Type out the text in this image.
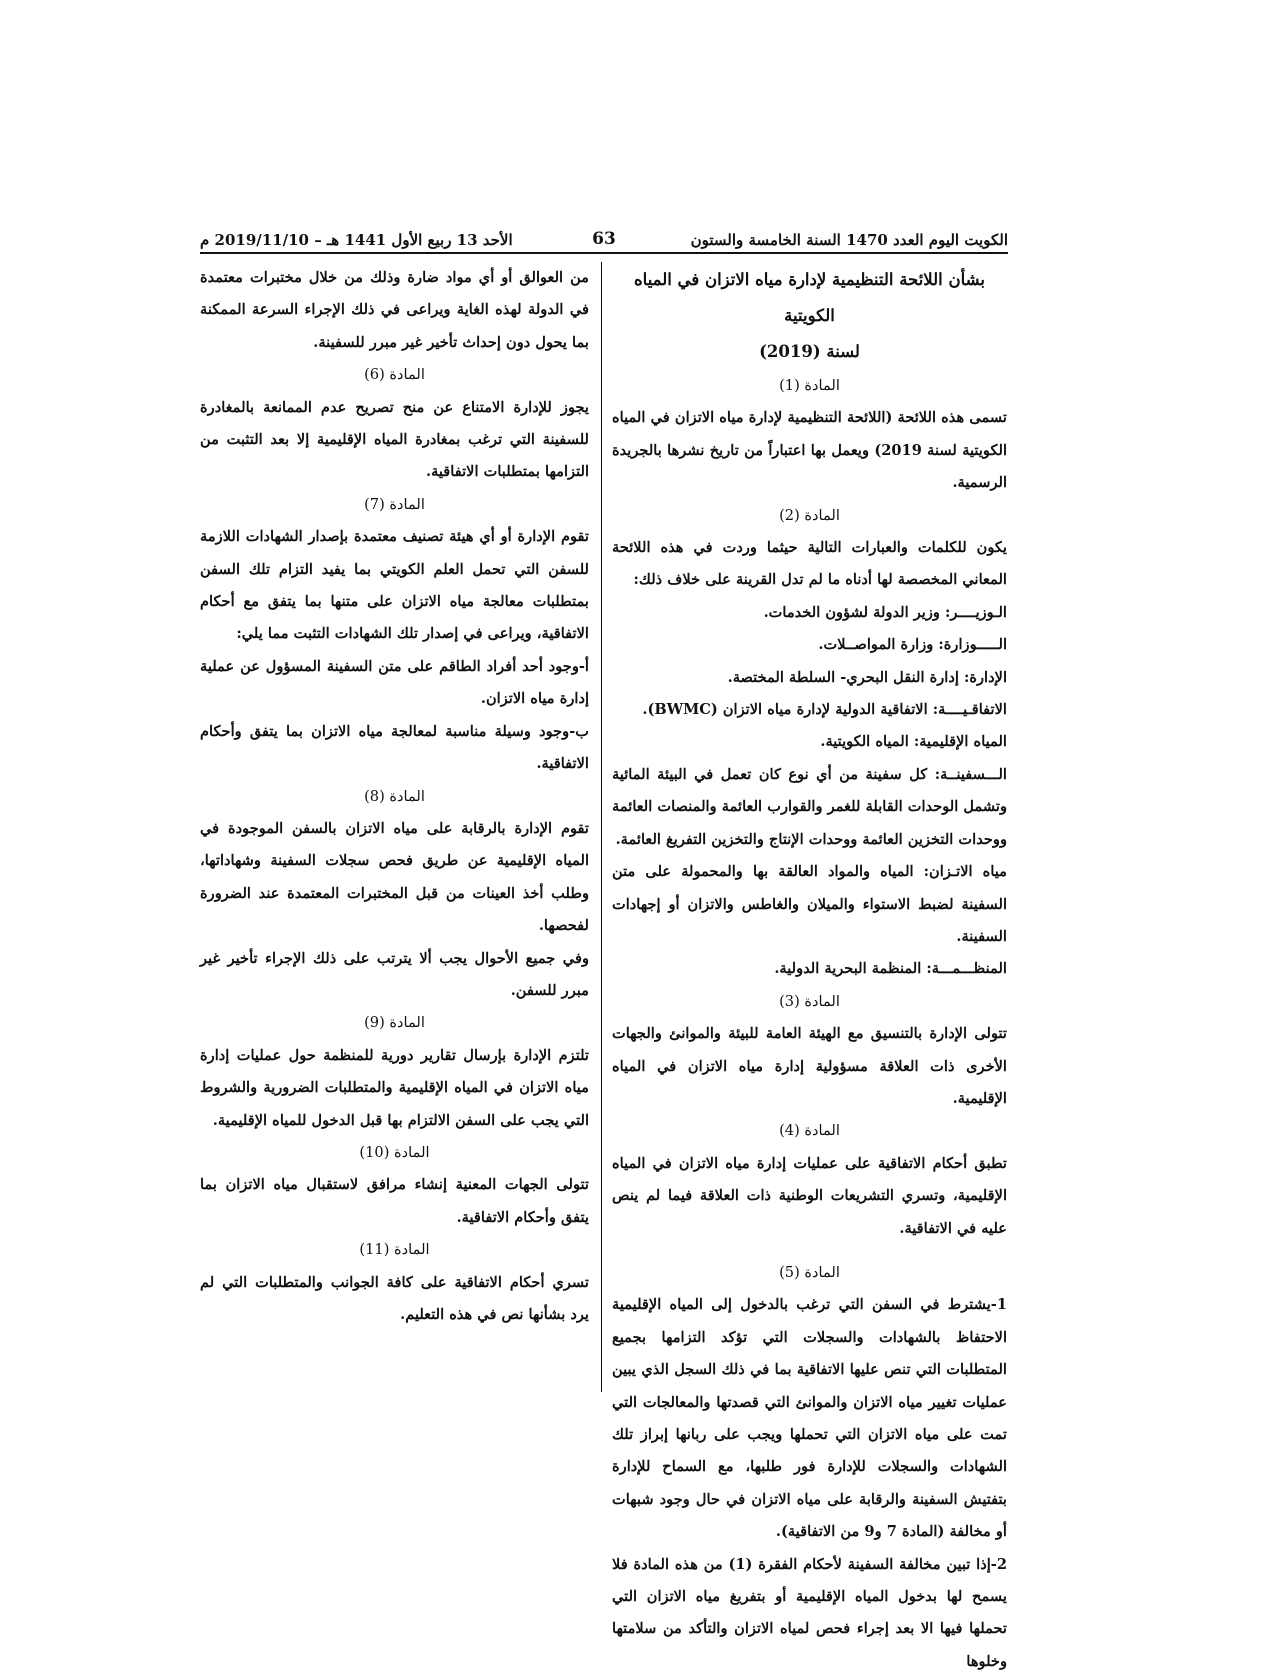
الكويت اليوم العدد 1470 السنة الخامسة والستون
63
الأحد 13 ربيع الأول 1441 هـ – 2019/11/10 م

بشأن اللائحة التنظيمية لإدارة مياه الاتزان في المياه الكويتية

لسنة (2019)

المادة (1)

تسمى هذه اللائحة (اللائحة التنظيمية لإدارة مياه الاتزان في المياه الكويتية لسنة 2019) ويعمل بها اعتباراً من تاريخ نشرها بالجريدة الرسمية.

المادة (2)

يكون للكلمات والعبارات التالية حيثما وردت في هذه اللائحة المعاني المخصصة لها أدناه ما لم تدل القرينة على خلاف ذلك:

الـوزيــــر: وزير الدولة لشؤون الخدمات.

الـــــوزارة: وزارة المواصــلات.

الإدارة: إدارة النقل البحري- السلطة المختصة.

الاتفاقـيــــة: الاتفاقية الدولية لإدارة مياه الاتزان (BWMC).

المياه الإقليمية: المياه الكويتية.

الـــسفينــة: كل سفينة من أي نوع كان تعمل في البيئة المائية وتشمل الوحدات القابلة للغمر والقوارب العائمة والمنصات العائمة ووحدات التخزين العائمة ووحدات الإنتاج والتخزين التفريغ العائمة.

مياه الاتـزان: المياه والمواد العالقة بها والمحمولة على متن السفينة لضبط الاستواء والميلان والغاطس والاتزان أو إجهادات السفينة.

المنظـــمـــة: المنظمة البحرية الدولية.

المادة (3)

تتولى الإدارة بالتنسيق مع الهيئة العامة للبيئة والموانئ والجهات الأخرى ذات العلاقة مسؤولية إدارة مياه الاتزان في المياه الإقليمية.

المادة (4)

تطبق أحكام الاتفاقية على عمليات إدارة مياه الاتزان في المياه الإقليمية، وتسري التشريعات الوطنية ذات العلاقة فيما لم ينص عليه في الاتفاقية.

المادة (5)

1-يشترط في السفن التي ترغب بالدخول إلى المياه الإقليمية الاحتفاظ بالشهادات والسجلات التي تؤكد التزامها بجميع المتطلبات التي تنص عليها الاتفاقية بما في ذلك السجل الذي يبين عمليات تغيير مياه الاتزان والموانئ التي قصدتها والمعالجات التي تمت على مياه الاتزان التي تحملها ويجب على ربانها إبراز تلك الشهادات والسجلات للإدارة فور طلبها، مع السماح للإدارة بتفتيش السفينة والرقابة على مياه الاتزان في حال وجود شبهات أو مخالفة (المادة 7 و9 من الاتفاقية).

2-إذا تبين مخالفة السفينة لأحكام الفقرة (1) من هذه المادة فلا يسمح لها بدخول المياه الإقليمية أو بتفريغ مياه الاتزان التي تحملها فيها الا بعد إجراء فحص لمياه الاتزان والتأكد من سلامتها وخلوها

من العوالق أو أي مواد ضارة وذلك من خلال مختبرات معتمدة في الدولة لهذه الغاية ويراعى في ذلك الإجراء السرعة الممكنة بما يحول دون إحداث تأخير غير مبرر للسفينة.

المادة (6)

يجوز للإدارة الامتناع عن منح تصريح عدم الممانعة بالمغادرة للسفينة التي ترغب بمغادرة المياه الإقليمية إلا بعد التثبت من التزامها بمتطلبات الاتفاقية.

المادة (7)

تقوم الإدارة أو أي هيئة تصنيف معتمدة بإصدار الشهادات اللازمة للسفن التي تحمل العلم الكويتي بما يفيد التزام تلك السفن بمتطلبات معالجة مياه الاتزان على متنها بما يتفق مع أحكام الاتفاقية، ويراعى في إصدار تلك الشهادات التثبت مما يلي:

أ-وجود أحد أفراد الطاقم على متن السفينة المسؤول عن عملية إدارة مياه الاتزان.

ب-وجود وسيلة مناسبة لمعالجة مياه الاتزان بما يتفق وأحكام الاتفاقية.

المادة (8)

تقوم الإدارة بالرقابة على مياه الاتزان بالسفن الموجودة في المياه الإقليمية عن طريق فحص سجلات السفينة وشهاداتها، وطلب أخذ العينات من قبل المختبرات المعتمدة عند الضرورة لفحصها.

وفي جميع الأحوال يجب ألا يترتب على ذلك الإجراء تأخير غير مبرر للسفن.

المادة (9)

تلتزم الإدارة بإرسال تقارير دورية للمنظمة حول عمليات إدارة مياه الاتزان في المياه الإقليمية والمتطلبات الضرورية والشروط التي يجب على السفن الالتزام بها قبل الدخول للمياه الإقليمية.

المادة (10)

تتولى الجهات المعنية إنشاء مرافق لاستقبال مياه الاتزان بما يتفق وأحكام الاتفاقية.

المادة (11)

تسري أحكام الاتفاقية على كافة الجوانب والمتطلبات التي لم يرد بشأنها نص في هذه التعليم.
